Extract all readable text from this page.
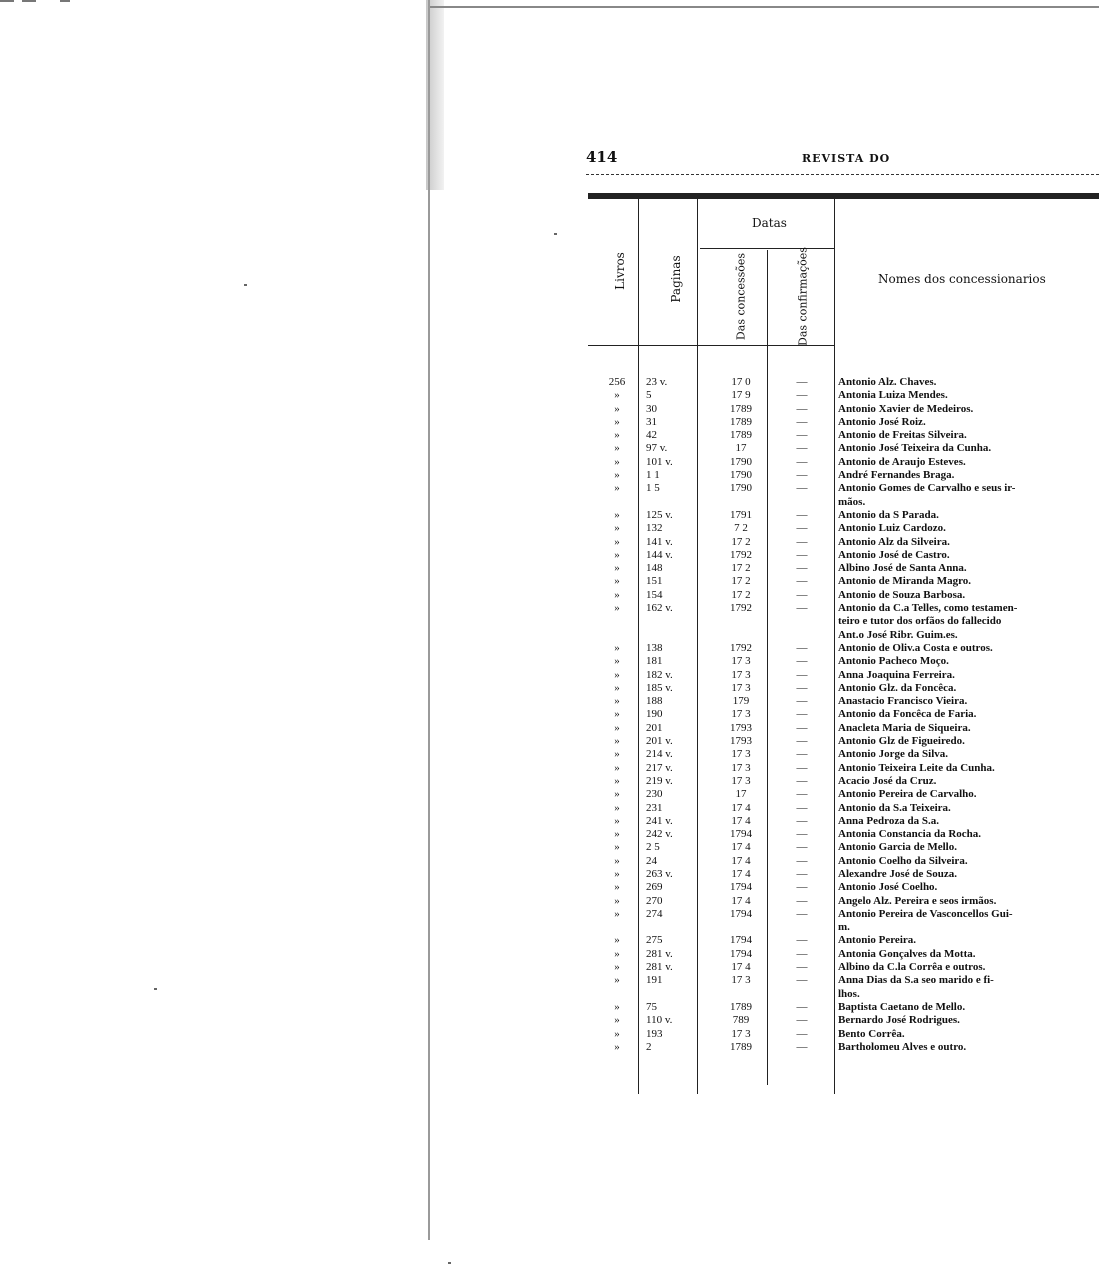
414	REVISTA DO
Livros	Paginas
Datas
Das concessões	Das confirmações	Nomes dos concessionarios
256	23 v.	17 0	—	Antonio Alz. Chaves.
»	5	17 9	—	Antonia Luiza Mendes.
»	30	1789	—	Antonio Xavier de Medeiros.
»	31	1789	—	Antonio José Roiz.
»	42	1789	—	Antonio de Freitas Silveira.
»	97 v.	17	—	Antonio José Teixeira da Cunha.
»	101 v.	1790	—	Antonio de Araujo Esteves.
»	1 1	1790	—	André Fernandes Braga.
»	1 5	1790	—	Antonio Gomes de Carvalho e seus ir-
mãos.
»	125 v.	1791	—	Antonio da S Parada.
»	132	7 2	—	Antonio Luiz Cardozo.
»	141 v.	17 2	—	Antonio Alz da Silveira.
»	144 v.	1792	—	Antonio José de Castro.
»	148	17 2	—	Albino José de Santa Anna.
»	151	17 2	—	Antonio de Miranda Magro.
»	154	17 2	—	Antonio de Souza Barbosa.
»	162 v.	1792	—	Antonio da C.a Telles, como testamen-
teiro e tutor dos orfãos do fallecido
Ant.o José Ribr. Guim.es.
»	138	1792	—	Antonio de Oliv.a Costa e outros.
»	181	17 3	—	Antonio Pacheco Moço.
»	182 v.	17 3	—	Anna Joaquina Ferreira.
»	185 v.	17 3	—	Antonio Glz. da Foncêca.
»	188	179	—	Anastacio Francisco Vieira.
»	190	17 3	—	Antonio da Foncêca de Faria.
»	201	1793	—	Anacleta Maria de Siqueira.
»	201 v.	1793	—	Antonio Glz de Figueiredo.
»	214 v.	17 3	—	Antonio Jorge da Silva.
»	217 v.	17 3	—	Antonio Teixeira Leite da Cunha.
»	219 v.	17 3	—	Acacio José da Cruz.
»	230	17	—	Antonio Pereira de Carvalho.
»	231	17 4	—	Antonio da S.a Teixeira.
»	241 v.	17 4	—	Anna Pedroza da S.a.
»	242 v.	1794	—	Antonia Constancia da Rocha.
»	2 5	17 4	—	Antonio Garcia de Mello.
»	24	17 4	—	Antonio Coelho da Silveira.
»	263 v.	17 4	—	Alexandre José de Souza.
»	269	1794	—	Antonio José Coelho.
»	270	17 4	—	Angelo Alz. Pereira e seos irmãos.
»	274	1794	—	Antonio Pereira de Vasconcellos Gui-
m.
»	275	1794	—	Antonio Pereira.
»	281 v.	1794	—	Antonia Gonçalves da Motta.
»	281 v.	17 4	—	Albino da C.la Corrêa e outros.
»	191	17 3	—	Anna Dias da S.a seo marido e fi-
lhos.
»	75	1789	—	Baptista Caetano de Mello.
»	110 v.	789	—	Bernardo José Rodrigues.
»	193	17 3	—	Bento Corrêa.
»	2	1789	—	Bartholomeu Alves e outro.
